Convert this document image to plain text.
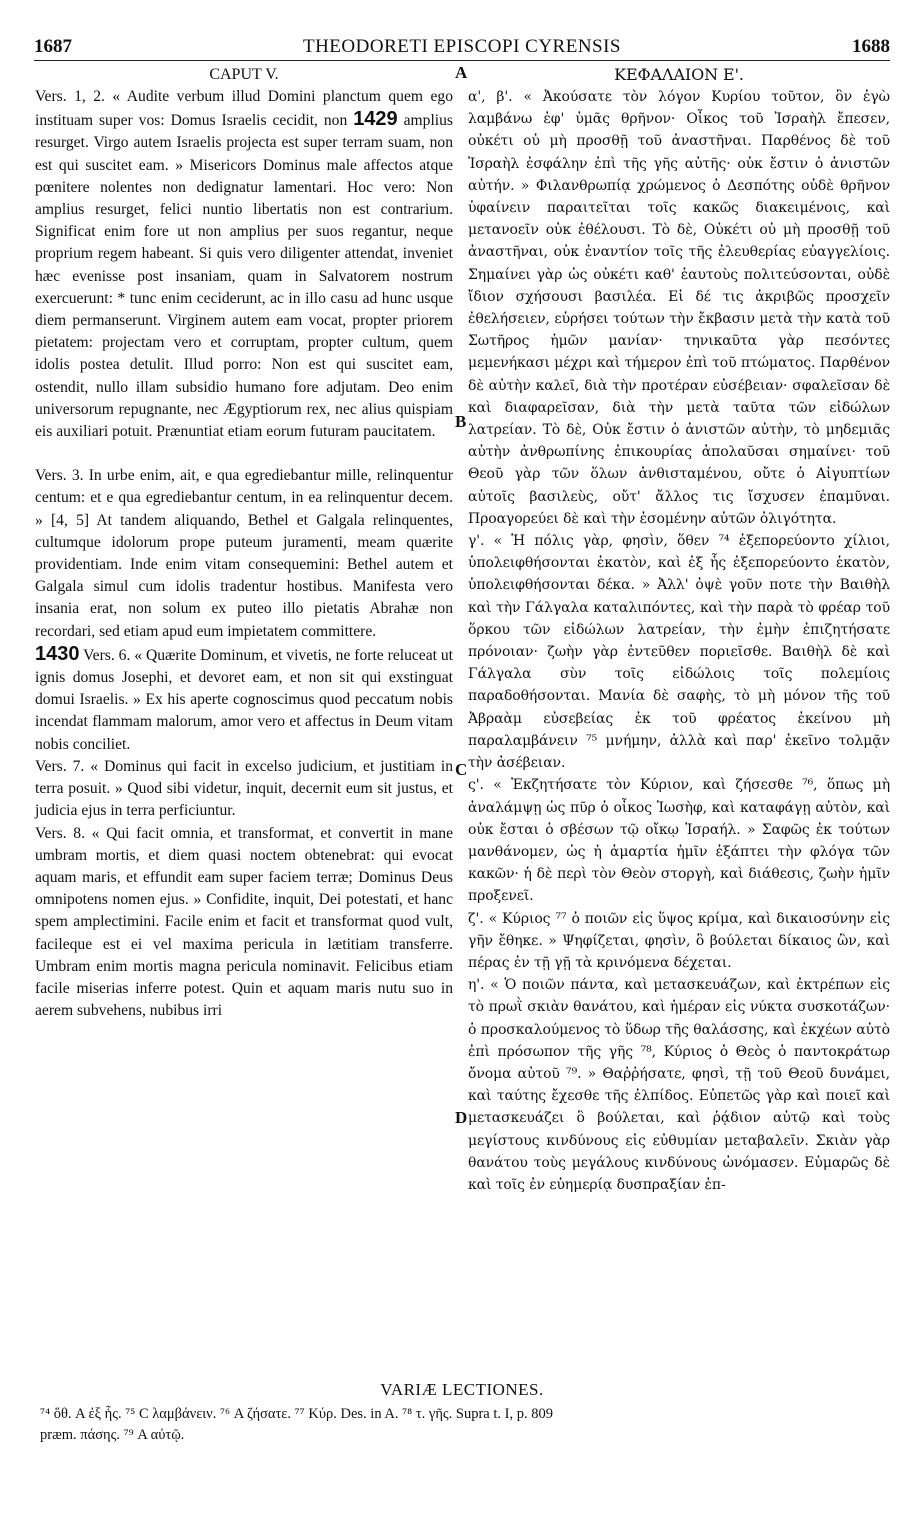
1687	THEODORETI EPISCOPI CYRENSIS	1688
CAPUT V.

Vers. 1, 2. « Audite verbum illud Domini planctum quem ego instituam super vos: Domus Israelis cecidit, non 1429 amplius resurget. Virgo autem Israelis projecta est super terram suam, non est qui suscitet eam. » Misericors Dominus male affectos atque pœnitere nolentes non dedignatur lamentari. Hoc vero: Non amplius resurget, felici nuntio libertatis non est contrarium. Significat enim fore ut non amplius per suos regantur, neque proprium regem habeant. Si quis vero diligenter attendat, inveniet hæc evenisse post insaniam, quam in Salvatorem nostrum exercuerunt: * tunc enim ceciderunt, ac in illo casu ad hunc usque diem permanserunt. Virginem autem eam vocat, propter priorem pietatem: projectam vero et corruptam, propter cultum, quem idolis postea detulit. Illud porro: Non est qui suscitet eam, ostendit, nullo illam subsidio humano fore adjutam. Deo enim universorum repugnante, nec Ægyptiorum rex, nec alius quispiam eis auxiliari potuit. Prænuntiat etiam eorum futuram paucitatem.

Vers. 3. In urbe enim, ait, e qua egrediebantur mille, relinquentur centum: et e qua egrediebantur centum, in ea relinquentur decem. » [4, 5] At tandem aliquando, Bethel et Galgala relinquentes, cultumque idolorum prope puteum juramenti, meam quærite providentiam. Inde enim vitam consequemini: Bethel autem et Galgala simul cum idolis tradentur hostibus. Manifesta vero insania erat, non solum ex puteo illo pietatis Abrahæ non recordari, sed etiam apud eum impietatem committere.

1430 Vers. 6. « Quærite Dominum, et vivetis, ne forte reluceat ut ignis domus Josephi, et devoret eam, et non sit qui exstinguat domui Israelis. » Ex his aperte cognoscimus quod peccatum nobis incendat flammam malorum, amor vero et affectus in Deum vitam nobis conciliet.

Vers. 7. « Dominus qui facit in excelso judicium, et justitiam in terra posuit. » Quod sibi videtur, inquit, decernit eum sit justus, et judicia ejus in terra perficiuntur.

Vers. 8. « Qui facit omnia, et transformat, et convertit in mane umbram mortis, et diem quasi noctem obtenebrat: qui evocat aquam maris, et effundit eam super faciem terræ; Dominus Deus omnipotens nomen ejus. » Confidite, inquit, Dei potestati, et hanc spem amplectimini. Facile enim et facit et transformat quod vult, facileque est ei vel maxima pericula in lætitiam transferre. Umbram enim mortis magna pericula nominavit. Felicibus etiam facile miserias inferre potest. Quin et aquam maris nutu suo in aerem subvehens, nubibus irri

A
B
C
D
ΚΕΦΑΛΑΙΟΝ Ε'.

α', β'. « Ἀκούσατε τὸν λόγον Κυρίου τοῦτον, ὃν ἐγὼ λαμβάνω ἐφ' ὑμᾶς θρῆνον· Οἶκος τοῦ Ἰσραὴλ ἔπεσεν, οὐκέτι οὐ μὴ προσθῇ τοῦ ἀναστῆναι. Παρθένος δὲ τοῦ Ἰσραὴλ ἐσφάλην ἐπὶ τῆς γῆς αὐτῆς· οὐκ ἔστιν ὁ ἀνιστῶν αὐτήν. » Φιλανθρωπίᾳ χρώμενος ὁ Δεσπότης οὐδὲ θρῆνον ὑφαίνειν παραιτεῖται τοῖς κακῶς διακειμένοις, καὶ μετανοεῖν οὐκ ἐθέλουσι. Τὸ δὲ, Οὐκέτι οὐ μὴ προσθῇ τοῦ ἀναστῆναι, οὐκ ἐναντίον τοῖς τῆς ἐλευθερίας εὐαγγελίοις. Σημαίνει γὰρ ὡς οὐκέτι καθ' ἑαυτοὺς πολιτεύσονται, οὐδὲ ἴδιον σχήσουσι βασιλέα. Εἰ δέ τις ἀκριβῶς προσχεῖν ἐθελήσειεν, εὑρήσει τούτων τὴν ἔκβασιν μετὰ τὴν κατὰ τοῦ Σωτῆρος ἡμῶν μανίαν· τηνικαῦτα γὰρ πεσόντες μεμενήκασι μέχρι καὶ τήμερον ἐπὶ τοῦ πτώματος. Παρθένον δὲ αὐτὴν καλεῖ, διὰ τὴν προτέραν εὐσέβειαν· σφαλεῖσαν δὲ καὶ διαφαρεῖσαν, διὰ τὴν μετὰ ταῦτα τῶν εἰδώλων λατρείαν. Τὸ δὲ, Οὐκ ἔστιν ὁ ἀνιστῶν αὐτὴν, τὸ μηδεμιᾶς αὐτὴν ἀνθρωπίνης ἐπικουρίας ἀπολαῦσαι σημαίνει· τοῦ Θεοῦ γὰρ τῶν ὅλων ἀνθισταμένου, οὔτε ὁ Αἰγυπτίων αὐτοῖς βασιλεὺς, οὔτ' ἄλλος τις ἴσχυσεν ἐπαμῦναι. Προαγορεύει δὲ καὶ τὴν ἐσομένην αὐτῶν ὀλιγότητα.

γ'. « Ἡ πόλις γὰρ, φησὶν, ὅθεν ⁷⁴ ἐξεπορεύοντο χίλιοι, ὑπολειφθήσονται ἑκατὸν, καὶ ἐξ ἧς ἐξεπορεύοντο ἑκατὸν, ὑπολειφθήσονται δέκα. » Ἀλλ' ὀψὲ γοῦν ποτε τὴν Βαιθὴλ καὶ τὴν Γάλγαλα καταλιπόντες, καὶ τὴν παρὰ τὸ φρέαρ τοῦ ὅρκου τῶν εἰδώλων λατρείαν, τὴν ἐμὴν ἐπιζητήσατε πρόνοιαν· ζωὴν γὰρ ἐντεῦθεν ποριεῖσθε. Βαιθὴλ δὲ καὶ Γάλγαλα σὺν τοῖς εἰδώλοις τοῖς πολεμίοις παραδοθήσονται. Μανία δὲ σαφὴς, τὸ μὴ μόνον τῆς τοῦ Ἀβραὰμ εὐσεβείας ἐκ τοῦ φρέατος ἐκείνου μὴ παραλαμβάνειν ⁷⁵ μνήμην, ἀλλὰ καὶ παρ' ἐκεῖνο τολμᾷν τὴν ἀσέβειαν.

ς'. « Ἐκζητήσατε τὸν Κύριον, καὶ ζήσεσθε ⁷⁶, ὅπως μὴ ἀναλάμψῃ ὡς πῦρ ὁ οἶκος Ἰωσὴφ, καὶ καταφάγῃ αὐτὸν, καὶ οὐκ ἔσται ὁ σβέσων τῷ οἴκῳ Ἰσραήλ. » Σαφῶς ἐκ τούτων μανθάνομεν, ὡς ἡ ἁμαρτία ἡμῖν ἐξάπτει τὴν φλόγα τῶν κακῶν· ἡ δὲ περὶ τὸν Θεὸν στοργὴ, καὶ διάθεσις, ζωὴν ἡμῖν προξενεῖ.

ζ'. « Κύριος ⁷⁷ ὁ ποιῶν εἰς ὕψος κρίμα, καὶ δικαιοσύνην εἰς γῆν ἔθηκε. » Ψηφίζεται, φησὶν, ὃ βούλεται δίκαιος ὢν, καὶ πέρας ἐν τῇ γῇ τὰ κρινόμενα δέχεται.

η'. « Ὁ ποιῶν πάντα, καὶ μετασκευάζων, καὶ ἐκτρέπων εἰς τὸ πρωῒ σκιὰν θανάτου, καὶ ἡμέραν εἰς νύκτα συσκοτάζων· ὁ προσκαλούμενος τὸ ὕδωρ τῆς θαλάσσης, καὶ ἐκχέων αὐτὸ ἐπὶ πρόσωπον τῆς γῆς ⁷⁸, Κύριος ὁ Θεὸς ὁ παντοκράτωρ ὄνομα αὐτοῦ ⁷⁹. » Θαῤῥήσατε, φησὶ, τῇ τοῦ Θεοῦ δυνάμει, καὶ ταύτης ἔχεσθε τῆς ἐλπίδος. Εὐπετῶς γὰρ καὶ ποιεῖ καὶ μετασκευάζει ὃ βούλεται, καὶ ῥᾴδιον αὐτῷ καὶ τοὺς μεγίστους κινδύνους εἰς εὐθυμίαν μεταβαλεῖν. Σκιὰν γὰρ θανάτου τοὺς μεγάλους κινδύνους ὠνόμασεν. Εὐμαρῶς δὲ καὶ τοῖς ἐν εὐημερίᾳ δυσπραξίαν ἐπ-

VARIÆ LECTIONES.

⁷⁴ ὅθ. A ἐξ ἧς. ⁷⁵ C λαμβάνειν. ⁷⁶ A ζήσατε. ⁷⁷ Κύρ. Des. in A. ⁷⁸ τ. γῆς. Supra t. I, p. 809

præm. πάσης. ⁷⁹ A αὐτῷ.
